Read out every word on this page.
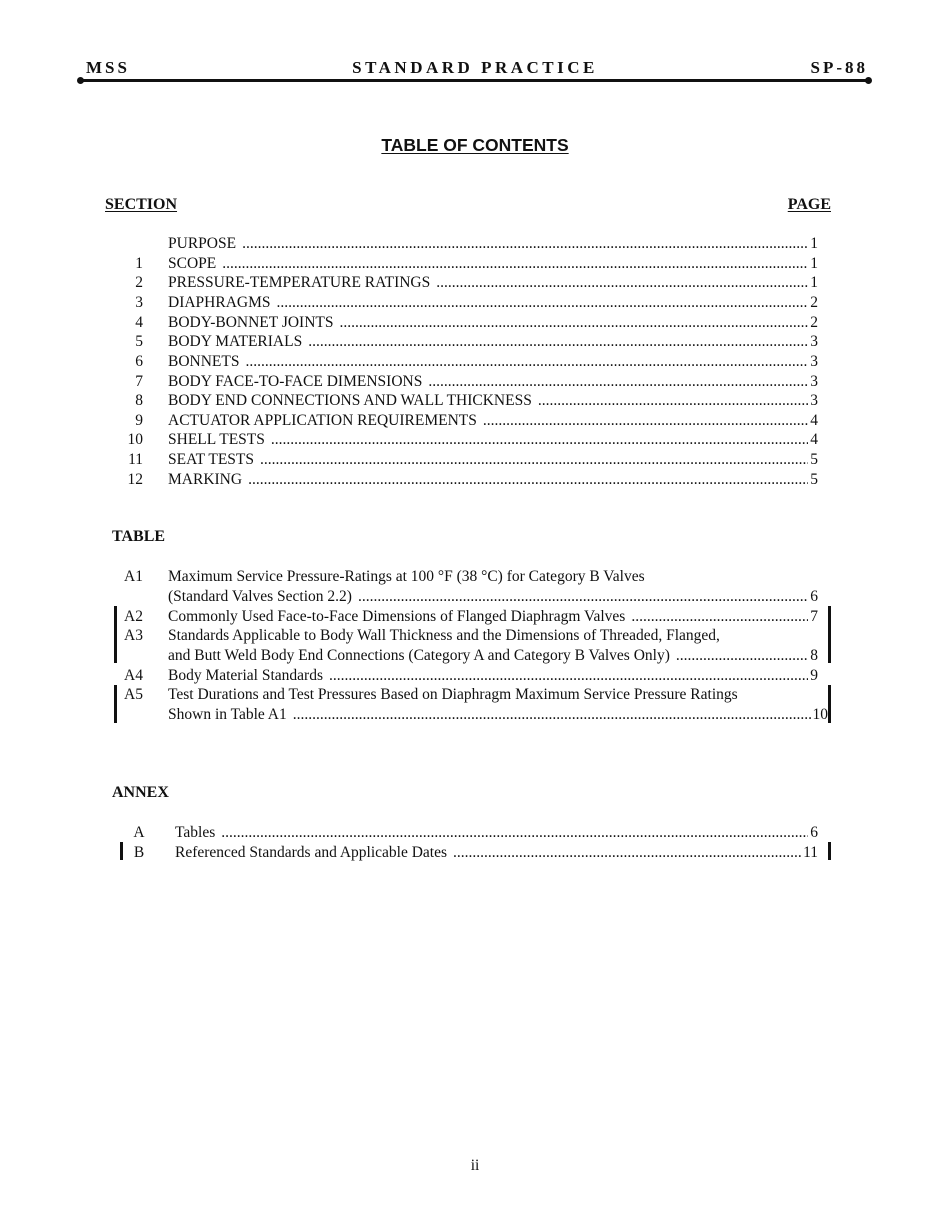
STANDARD PRACTICE
MSS	SP-88
TABLE OF CONTENTS
SECTION	PAGE
PURPOSE .....	1
1 SCOPE .....	1
2 PRESSURE-TEMPERATURE RATINGS .....	1
3 DIAPHRAGMS .....	2
4 BODY-BONNET JOINTS .....	2
5 BODY MATERIALS .....	3
6 BONNETS .....	3
7 BODY FACE-TO-FACE DIMENSIONS .....	3
8 BODY END CONNECTIONS AND WALL THICKNESS .....	3
9 ACTUATOR APPLICATION REQUIREMENTS .....	4
10 SHELL TESTS .....	4
11 SEAT TESTS .....	5
12 MARKING .....	5
TABLE
A1 Maximum Service Pressure-Ratings at 100 °F (38 °C) for Category B Valves
(Standard Valves Section 2.2) .....	6
A2 Commonly Used Face-to-Face Dimensions of Flanged Diaphragm Valves .....	7
A3 Standards Applicable to Body Wall Thickness and the Dimensions of Threaded, Flanged,
and Butt Weld Body End Connections (Category A and Category B Valves Only) .....	8
A4 Body Material Standards .....	9
A5 Test Durations and Test Pressures Based on Diaphragm Maximum Service Pressure Ratings
Shown in Table A1 .....	10
ANNEX
A	Tables .....	6
B	Referenced Standards and Applicable Dates .....	11
ii
